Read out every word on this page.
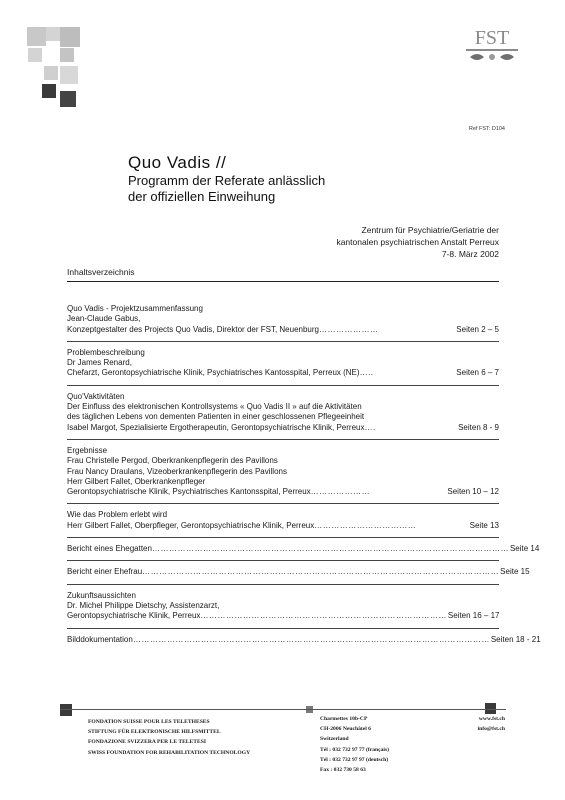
FST
Ref FST: D104
Quo Vadis //
Programm der Referate anlässlich
der offiziellen Einweihung
Zentrum für Psychiatrie/Geriatrie der
kantonalen psychiatrischen Anstalt Perreux
7-8. März 2002
Inhaltsverzeichnis
Quo Vadis - Projektzusammenfassung
Jean-Claude Gabus,
Konzeptgestalter des Projects Quo Vadis, Direktor der FST, Neuenburg …………………	Seiten 2 – 5
Problembeschreibung
Dr James Renard,
Chefarzt, Gerontopsychiatrische Klinik, Psychiatrisches Kantosspital, Perreux (NE) …..	Seiten 6 – 7
Quo'Vaktivitäten
Der Einfluss des elektronischen Kontrollsystems « Quo Vadis II » auf die Aktivitäten
des täglichen Lebens von dementen Patienten in einer geschlossenen Pflegeeinheit
Isabel Margot, Spezialisierte Ergotherapeutin, Gerontopsychiatrische Klinik, Perreux ….	Seiten 8 - 9
Ergebnisse
Frau Christelle Pergod, Oberkrankenpflegerin des Pavillons
Frau Nancy Draulans, Vizeoberkrankenpflegerin des Pavillons
Herr Gilbert Fallet, Oberkrankenpfleger
Gerontopsychiatrische Klinik, Psychiatrisches Kantonsspital, Perreux …………………	Seiten 10 – 12
Wie das Problem erlebt wird
Herr Gilbert Fallet, Oberpfleger, Gerontopsychiatrische Klinik, Perreux ………………………………	Seite 13
Bericht eines Ehegatten ……………………………………………………………………………………………………………… Seite 14
Bericht einer Ehefrau ……………………………………………………………………………………………………………… Seite 15
Zukunftsaussichten
Dr. Michel Philippe Dietschy, Assistenzarzt,
Gerontopsychiatrische Klinik, Perreux …………………………………………………………………………… Seiten 16 – 17
Bilddokumentation ……………………………………………………………………………………………………………… Seiten 18 - 21
FONDATION SUISSE POUR LES TELETHESES
STIFTUNG FÜR ELEKTRONISCHE HILFSMITTEL
FONDAZIONE SVIZZERA PER LE TELETESI
SWISS FOUNDATION FOR REHABILITATION TECHNOLOGY
Charmettes 10b-CP
CH-2006 Neuchâtel 6
Switzerland
Tél : 032 732 97 77 (français)
Tél : 032 732 97 97 (deutsch)
Fax : 032 730 58 63
www.fst.ch
info@fst.ch
